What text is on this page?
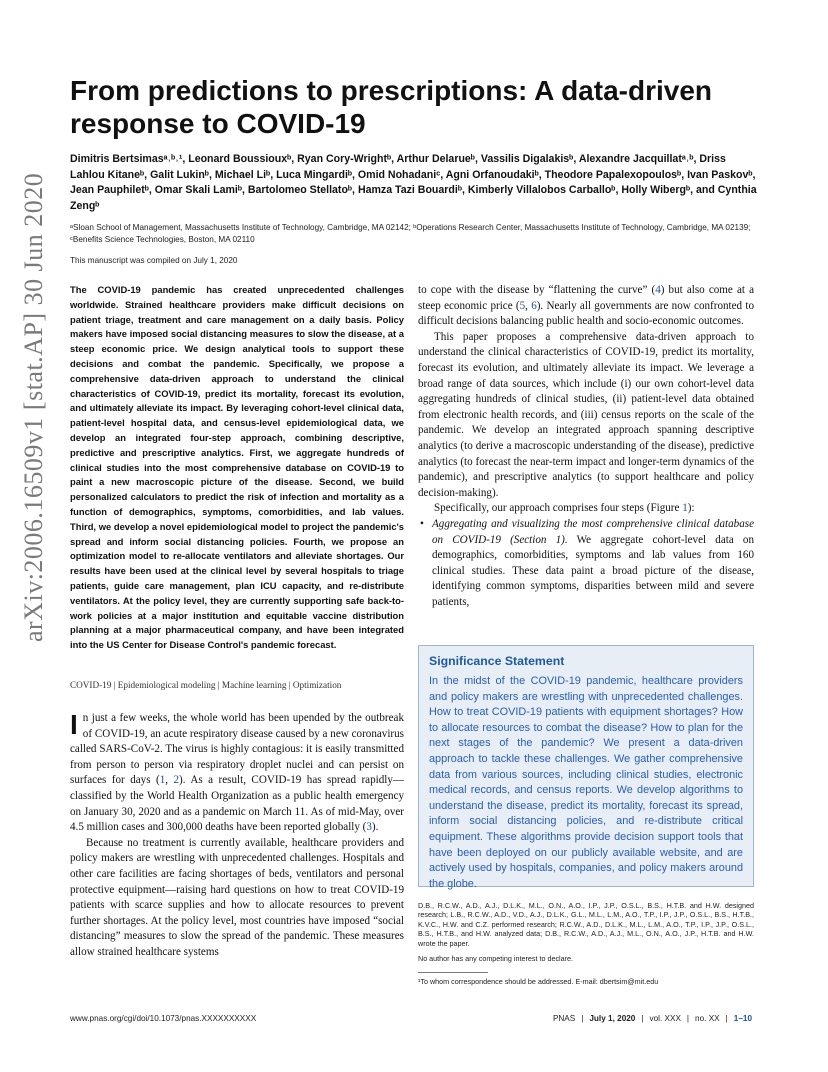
arXiv:2006.16509v1 [stat.AP] 30 Jun 2020
From predictions to prescriptions: A data-driven response to COVID-19
Dimitris Bertsimasᵃ˒ᵇ˒¹, Leonard Boussiouxᵇ, Ryan Cory-Wrightᵇ, Arthur Delarueᵇ, Vassilis Digalakisᵇ, Alexandre Jacquillatᵃ˒ᵇ, Driss Lahlou Kitaneᵇ, Galit Lukinᵇ, Michael Liᵇ, Luca Mingardiᵇ, Omid Nohadaniᶜ, Agni Orfanoudakiᵇ, Theodore Papalexopoulosᵇ, Ivan Paskovᵇ, Jean Pauphiletᵇ, Omar Skali Lamiᵇ, Bartolomeo Stellatoᵇ, Hamza Tazi Bouardiᵇ, Kimberly Villalobos Carballoᵇ, Holly Wibergᵇ, and Cynthia Zengᵇ
ᵃSloan School of Management, Massachusetts Institute of Technology, Cambridge, MA 02142; ᵇOperations Research Center, Massachusetts Institute of Technology, Cambridge, MA 02139; ᶜBenefits Science Technologies, Boston, MA 02110
This manuscript was compiled on July 1, 2020
The COVID-19 pandemic has created unprecedented challenges worldwide. Strained healthcare providers make difficult decisions on patient triage, treatment and care management on a daily basis. Policy makers have imposed social distancing measures to slow the disease, at a steep economic price. We design analytical tools to support these decisions and combat the pandemic. Specifically, we propose a comprehensive data-driven approach to understand the clinical characteristics of COVID-19, predict its mortality, forecast its evolution, and ultimately alleviate its impact. By leveraging cohort-level clinical data, patient-level hospital data, and census-level epidemiological data, we develop an integrated four-step approach, combining descriptive, predictive and prescriptive analytics. First, we aggregate hundreds of clinical studies into the most comprehensive database on COVID-19 to paint a new macroscopic picture of the disease. Second, we build personalized calculators to predict the risk of infection and mortality as a function of demographics, symptoms, comorbidities, and lab values. Third, we develop a novel epidemiological model to project the pandemic's spread and inform social distancing policies. Fourth, we propose an optimization model to re-allocate ventilators and alleviate shortages. Our results have been used at the clinical level by several hospitals to triage patients, guide care management, plan ICU capacity, and re-distribute ventilators. At the policy level, they are currently supporting safe back-to-work policies at a major institution and equitable vaccine distribution planning at a major pharmaceutical company, and have been integrated into the US Center for Disease Control's pandemic forecast.
COVID-19 | Epidemiological modeling | Machine learning | Optimization

In just a few weeks, the whole world has been upended by the outbreak of COVID-19, an acute respiratory disease caused by a new coronavirus called SARS-CoV-2. The virus is highly contagious: it is easily transmitted from person to person via respiratory droplet nuclei and can persist on surfaces for days (1, 2). As a result, COVID-19 has spread rapidly—classified by the World Health Organization as a public health emergency on January 30, 2020 and as a pandemic on March 11. As of mid-May, over 4.5 million cases and 300,000 deaths have been reported globally (3).

Because no treatment is currently available, healthcare providers and policy makers are wrestling with unprecedented challenges. Hospitals and other care facilities are facing shortages of beds, ventilators and personal protective equipment—raising hard questions on how to treat COVID-19 patients with scarce supplies and how to allocate resources to prevent further shortages. At the policy level, most countries have imposed “social distancing” measures to slow the spread of the pandemic. These measures allow strained healthcare systems

to cope with the disease by “flattening the curve” (4) but also come at a steep economic price (5, 6). Nearly all governments are now confronted to difficult decisions balancing public health and socio-economic outcomes.

This paper proposes a comprehensive data-driven approach to understand the clinical characteristics of COVID-19, predict its mortality, forecast its evolution, and ultimately alleviate its impact. We leverage a broad range of data sources, which include (i) our own cohort-level data aggregating hundreds of clinical studies, (ii) patient-level data obtained from electronic health records, and (iii) census reports on the scale of the pandemic. We develop an integrated approach spanning descriptive analytics (to derive a macroscopic understanding of the disease), predictive analytics (to forecast the near-term impact and longer-term dynamics of the pandemic), and prescriptive analytics (to support healthcare and policy decision-making).

Specifically, our approach comprises four steps (Figure 1):

• Aggregating and visualizing the most comprehensive clinical database on COVID-19 (Section 1). We aggregate cohort-level data on demographics, comorbidities, symptoms and lab values from 160 clinical studies. These data paint a broad picture of the disease, identifying common symptoms, disparities between mild and severe patients,
Significance Statement

In the midst of the COVID-19 pandemic, healthcare providers and policy makers are wrestling with unprecedented challenges. How to treat COVID-19 patients with equipment shortages? How to allocate resources to combat the disease? How to plan for the next stages of the pandemic? We present a data-driven approach to tackle these challenges. We gather comprehensive data from various sources, including clinical studies, electronic medical records, and census reports. We develop algorithms to understand the disease, predict its mortality, forecast its spread, inform social distancing policies, and re-distribute critical equipment. These algorithms provide decision support tools that have been deployed on our publicly available website, and are actively used by hospitals, companies, and policy makers around the globe.

D.B., R.C.W., A.D., A.J., D.L.K., M.L., O.N., A.O., I.P., J.P., O.S.L., B.S., H.T.B. and H.W. designed research; L.B., R.C.W., A.D., V.D., A.J., D.L.K., G.L., M.L., L.M., A.O., T.P., I.P., J.P., O.S.L., B.S., H.T.B., K.V.C., H.W. and C.Z. performed research; R.C.W., A.D., D.L.K., M.L., L.M., A.O., T.P., I.P., J.P., O.S.L., B.S., H.T.B., and H.W. analyzed data; D.B., R.C.W., A.D., A.J., M.L., O.N., A.O., J.P., H.T.B. and H.W. wrote the paper.
No author has any competing interest to declare.
¹To whom correspondence should be addressed. E-mail: dbertsim@mit.edu
www.pnas.org/cgi/doi/10.1073/pnas.XXXXXXXXXX	PNAS | July 1, 2020 | vol. XXX | no. XX | 1–10
